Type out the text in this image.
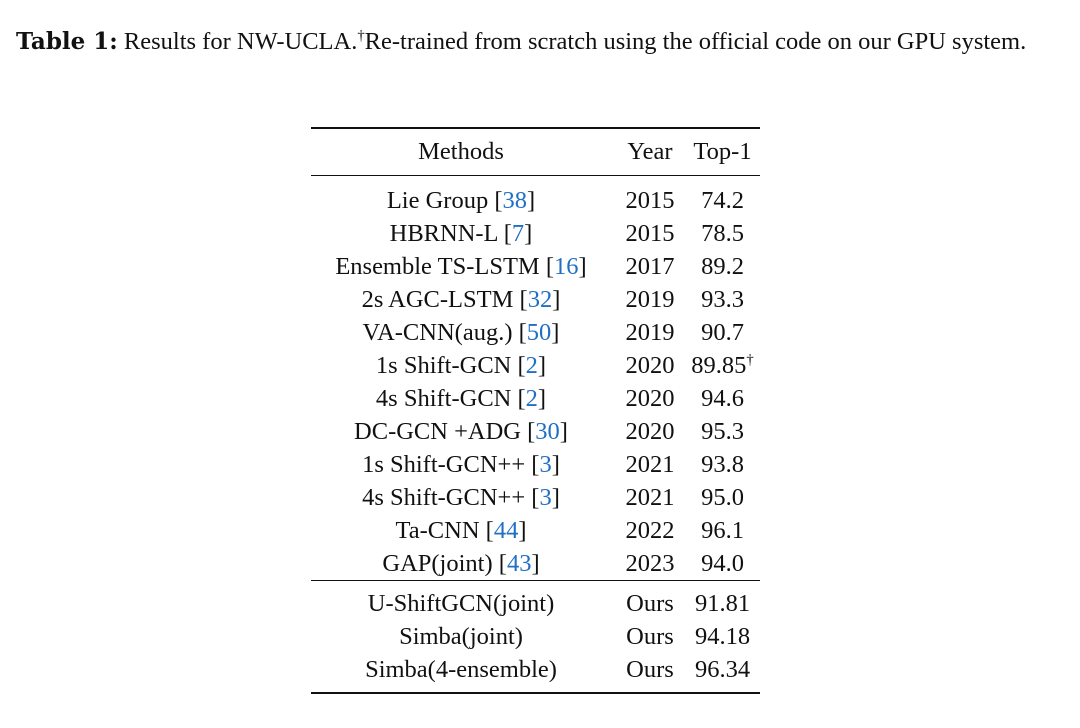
Table 1: Results for NW-UCLA.†Re-trained from scratch using the official code on our GPU system.
Methods	Year	Top-1
Lie Group [38]	2015	74.2
HBRNN-L [7]	2015	78.5
Ensemble TS-LSTM [16]	2017	89.2
2s AGC-LSTM [32]	2019	93.3
VA-CNN(aug.) [50]	2019	90.7
1s Shift-GCN [2]	2020	89.85†
4s Shift-GCN [2]	2020	94.6
DC-GCN +ADG [30]	2020	95.3
1s Shift-GCN++ [3]	2021	93.8
4s Shift-GCN++ [3]	2021	95.0
Ta-CNN [44]	2022	96.1
GAP(joint) [43]	2023	94.0
U-ShiftGCN(joint)	Ours	91.81
Simba(joint)	Ours	94.18
Simba(4-ensemble)	Ours	96.34
